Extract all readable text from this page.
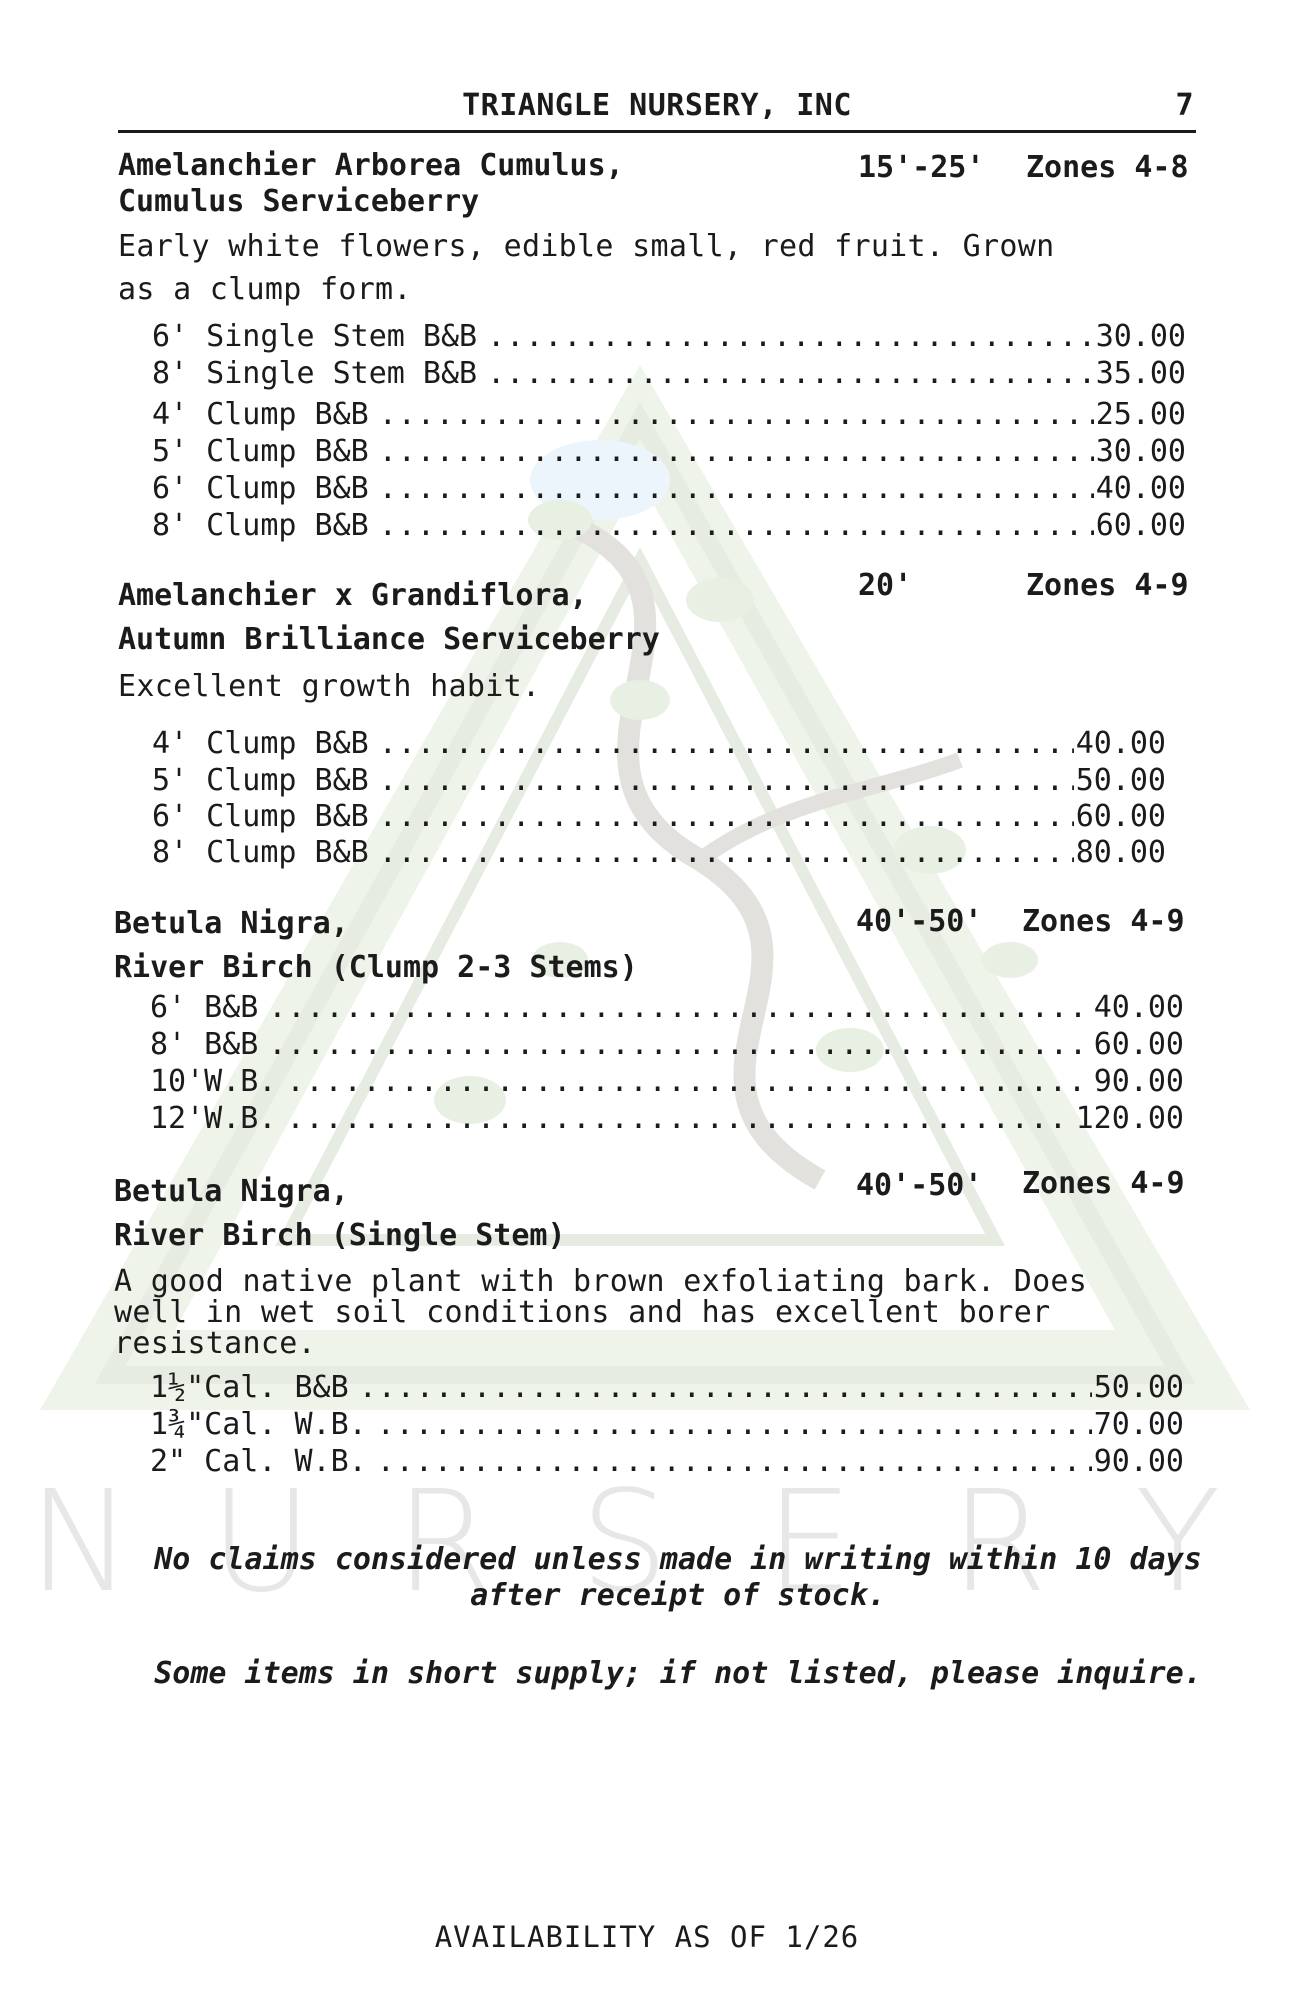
N U R S E R Y
TRIANGLE NURSERY, INC	7
Amelanchier Arborea Cumulus,
Cumulus Serviceberry
15'-25' Zones 4-8
Early white flowers, edible small, red fruit. Grown
as a clump form.
6' Single Stem B&B .....	30.00
8' Single Stem B&B .....	35.00
4' Clump B&B .....	25.00
5' Clump B&B .....	30.00
6' Clump B&B .....	40.00
8' Clump B&B .....	60.00
Amelanchier x Grandiflora,
Autumn Brilliance Serviceberry
20'	Zones 4-9
Excellent growth habit.
4' Clump B&B .....	40.00
5' Clump B&B .....	50.00
6' Clump B&B .....	60.00
8' Clump B&B .....	80.00
Betula Nigra,
River Birch (Clump 2-3 Stems)
40'-50' Zones 4-9
6' B&B .....	40.00
8' B&B .....	60.00
10'W.B. .....	90.00
12'W.B. .....	120.00
Betula Nigra,
River Birch (Single Stem)
40'-50' Zones 4-9
A good native plant with brown exfoliating bark. Does
well in wet soil conditions and has excellent borer
resistance.
1½"Cal. B&B .....	50.00
1¾"Cal. W.B. .....	70.00
2" Cal. W.B. .....	90.00
No claims considered unless made in writing within 10 days
after receipt of stock.
Some items in short supply; if not listed, please inquire.
AVAILABILITY AS OF 1/26
